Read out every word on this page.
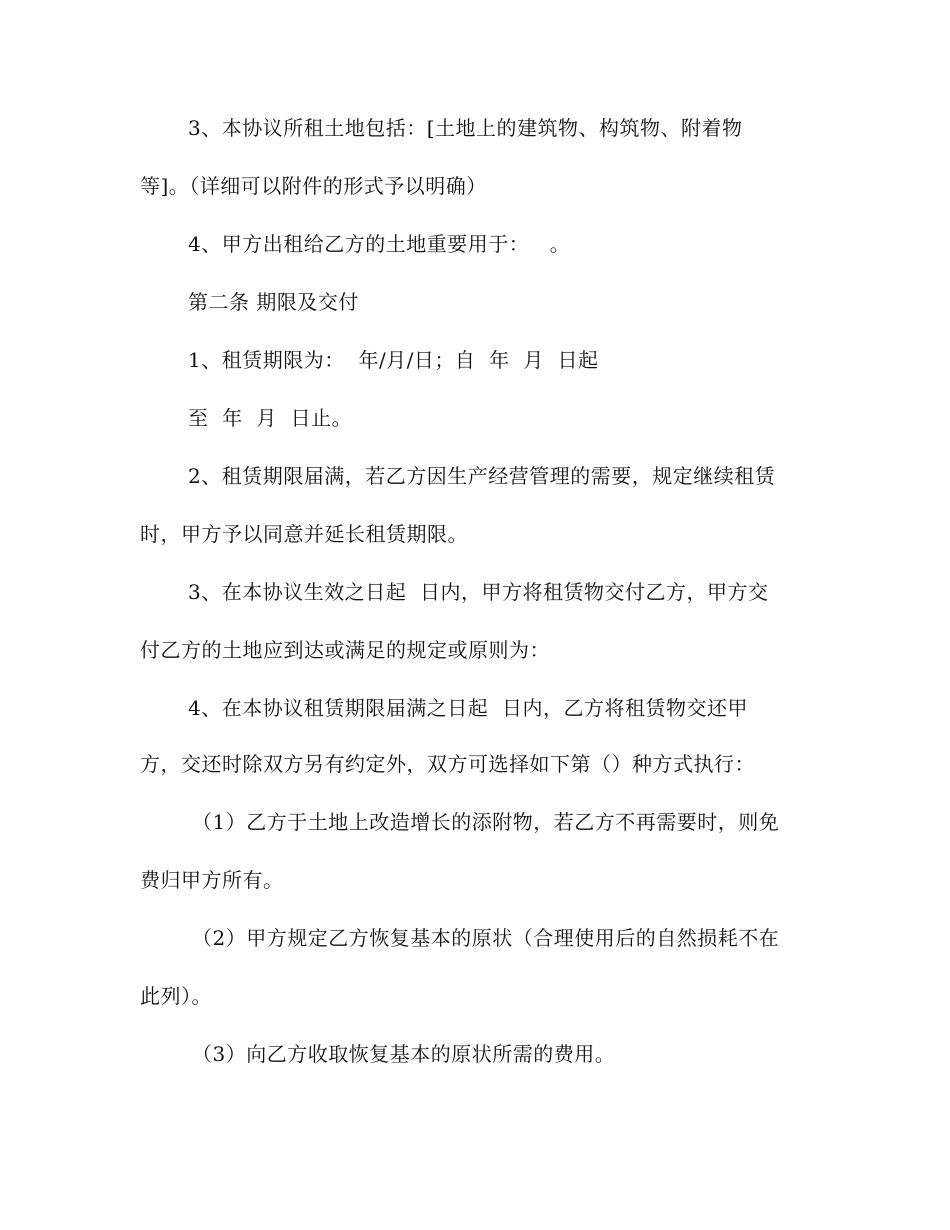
3、本协议所租土地包括：[土地上的建筑物、构筑物、附着物
等]。（详细可以附件的形式予以明确）
4、甲方出租给乙方的土地重要用于：   。
第二条 期限及交付
1、租赁期限为：  年/月/日；自  年  月  日起
至  年  月  日止。
2、租赁期限届满，若乙方因生产经营管理的需要，规定继续租赁
时，甲方予以同意并延长租赁期限。
3、在本协议生效之日起  日内，甲方将租赁物交付乙方，甲方交
付乙方的土地应到达或满足的规定或原则为：
4、在本协议租赁期限届满之日起  日内，乙方将租赁物交还甲
方，交还时除双方另有约定外，双方可选择如下第（）种方式执行：
（1）乙方于土地上改造增长的添附物，若乙方不再需要时，则免
费归甲方所有。
（2）甲方规定乙方恢复基本的原状（合理使用后的自然损耗不在
此列）。
（3）向乙方收取恢复基本的原状所需的费用。
